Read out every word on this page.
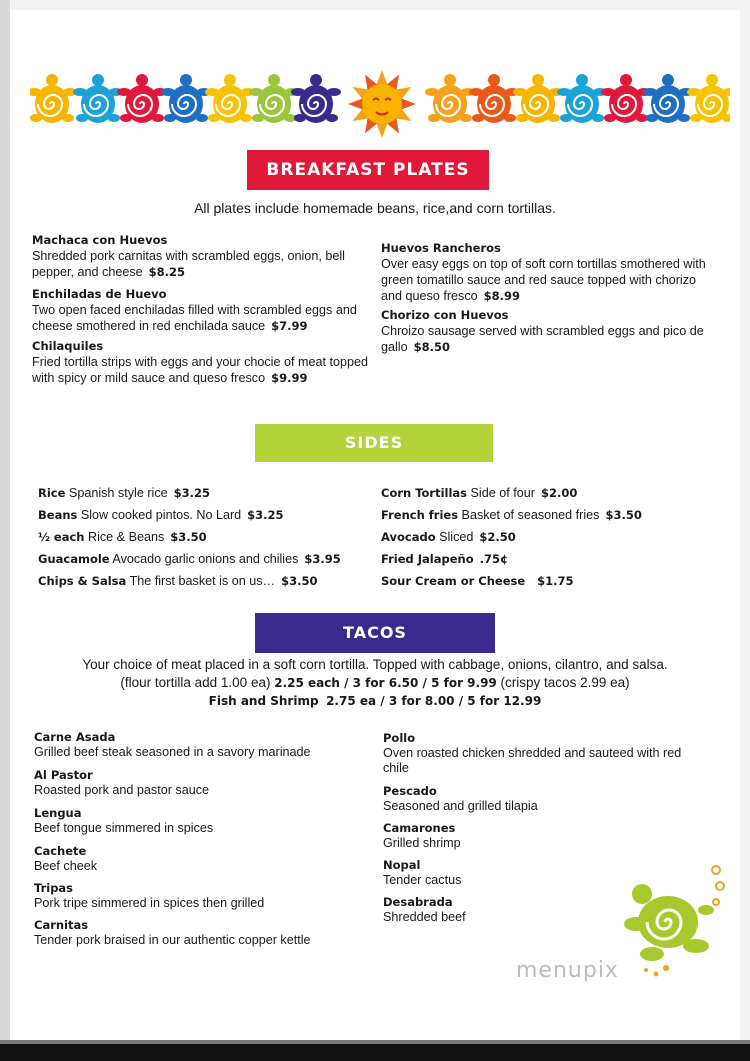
BREAKFAST PLATES
All plates include homemade beans, rice,and corn tortillas.
Machaca con Huevos
Shredded pork carnitas with scrambled eggs, onion, bell pepper, and cheese $8.25
Enchiladas de Huevo
Two open faced enchiladas filled with scrambled eggs and cheese smothered in red enchilada sauce $7.99
Chilaquiles
Fried tortilla strips with eggs and your chocie of meat topped with spicy or mild sauce and queso fresco $9.99
Huevos Rancheros
Over easy eggs on top of soft corn tortillas smothered with green tomatillo sauce and red sauce topped with chorizo and queso fresco $8.99
Chorizo con Huevos
Chroizo sausage served with scrambled eggs and pico de gallo $8.50
SIDES
Rice Spanish style rice $3.25
Beans Slow cooked pintos. No Lard $3.25
½ each Rice & Beans $3.50
Guacamole Avocado garlic onions and chilies $3.95
Chips & Salsa The first basket is on us… $3.50
Corn Tortillas Side of four $2.00
French fries Basket of seasoned fries $3.50
Avocado Sliced $2.50
Fried Jalapeño .75¢
Sour Cream or Cheese $1.75
TACOS
Your choice of meat placed in a soft corn tortilla. Topped with cabbage, onions, cilantro, and salsa.
(flour tortilla add 1.00 ea) 2.25 each / 3 for 6.50 / 5 for 9.99 (crispy tacos 2.99 ea)
Fish and Shrimp 2.75 ea / 3 for 8.00 / 5 for 12.99
Carne Asada
Grilled beef steak seasoned in a savory marinade
Al Pastor
Roasted pork and pastor sauce
Lengua
Beef tongue simmered in spices
Cachete
Beef cheek
Tripas
Pork tripe simmered in spices then grilled
Carnitas
Tender pork braised in our authentic copper kettle
Pollo
Oven roasted chicken shredded and sauteed with red chile
Pescado
Seasoned and grilled tilapia
Camarones
Grilled shrimp
Nopal
Tender cactus
Desabrada
Shredded beef
menupix
